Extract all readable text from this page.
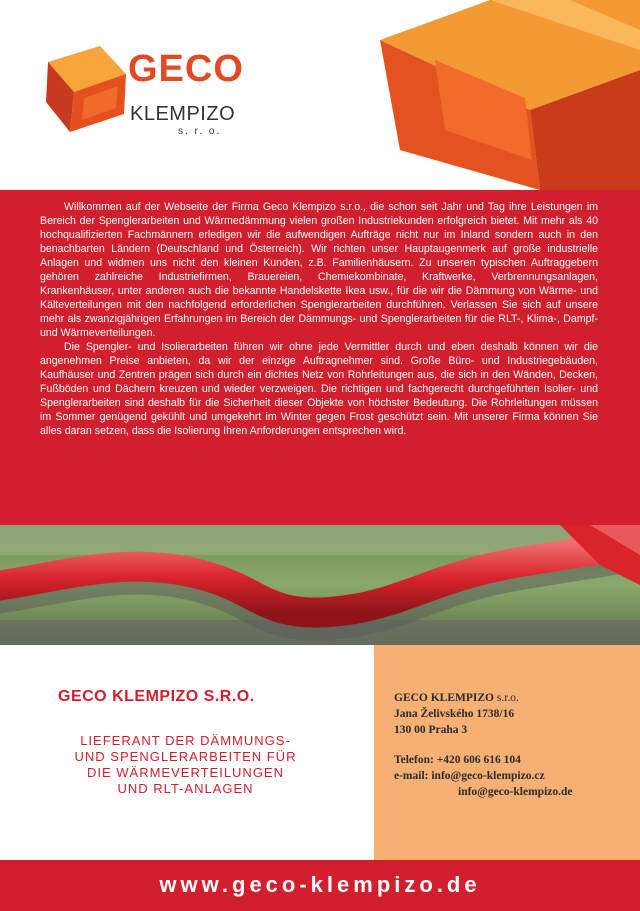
GECO
KLEMPIZO
s. r. o.

Willkommen auf der Webseite der Firma Geco Klempizo s.r.o., die schon seit Jahr und Tag ihre Leistungen im Bereich der Spenglerarbeiten und Wärmedämmung vielen großen Industriekunden erfolgreich bietet. Mit mehr als 40 hochqualifizierten Fachmännern erledigen wir die aufwendigen Aufträge nicht nur im Inland sondern auch in den benachbarten Ländern (Deutschland und Österreich). Wir richten unser Hauptaugenmerk auf große industrielle Anlagen und widmen uns nicht den kleinen Kunden, z.B. Familienhäusern. Zu unseren typischen Auftraggebern gehören zahlreiche Industriefirmen, Brauereien, Chemiekombinate, Kraftwerke, Verbrennungsanlagen, Krankenhäuser, unter anderen auch die bekannte Handelskette Ikea usw., für die wir die Dämmung von Wärme- und Kälteverteilungen mit den nachfolgend erforderlichen Spenglerarbeiten durchführen. Verlassen Sie sich auf unsere mehr als zwanzigjährigen Erfahrungen im Bereich der Dämmungs- und Spenglerarbeiten für die RLT-, Klima-, Dampf- und Wärmeverteilungen.

Die Spengler- und Isolierarbeiten führen wir ohne jede Vermittler durch und eben deshalb können wir die angenehmen Preise anbieten, da wir der einzige Auftragnehmer sind. Große Büro- und Industriegebäuden, Kaufhäuser und Zentren prägen sich durch ein dichtes Netz von Rohrleitungen aus, die sich in den Wänden, Decken, Fußböden und Dächern kreuzen und wieder verzweigen. Die richtigen und fachgerecht durchgeführten Isolier- und Spenglerarbeiten sind deshalb für die Sicherheit dieser Objekte von höchster Bedeutung. Die Rohrleitungen müssen im Sommer genügend gekühlt und umgekehrt im Winter gegen Frost geschützt sein. Mit unserer Firma können Sie alles daran setzen, dass die Isolierung Ihren Anforderungen entsprechen wird.

GECO KLEMPIZO S.R.O.
LIEFERANT DER DÄMMUNGS-
UND SPENGLERARBEITEN FÜR
DIE WÄRMEVERTEILUNGEN
UND RLT-ANLAGEN
GECO KLEMPIZO s.r.o.
Jana Želivského 1738/16
130 00 Praha 3
Telefon: +420 606 616 104
e-mail: info@geco-klempizo.cz
info@geco-klempizo.de
www.geco-klempizo.de
